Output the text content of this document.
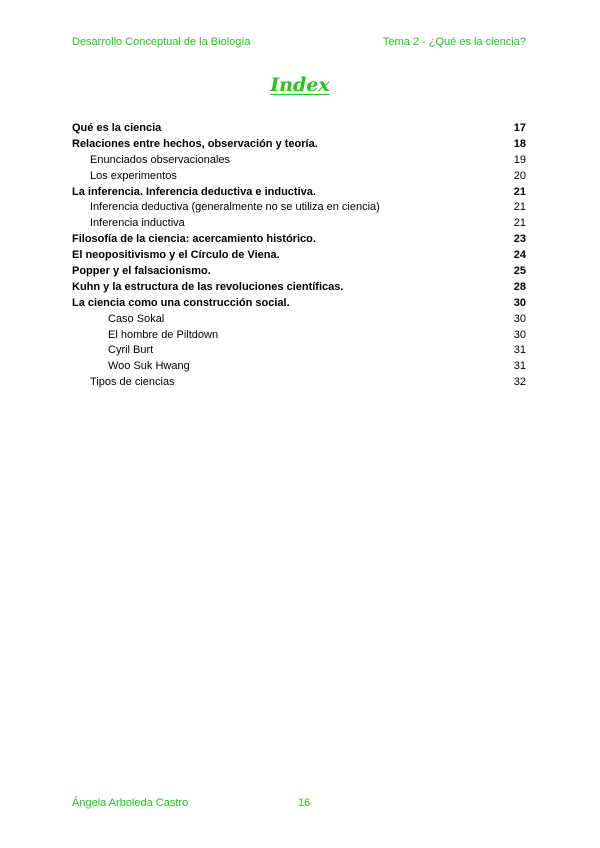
Desarrollo Conceptual de la Biología	Tema 2 - ¿Qué es la ciencia?
Index
Qué es la ciencia	17
Relaciones entre hechos, observación y teoría.	18
Enunciados observacionales	19
Los experimentos	20
La inferencia. Inferencia deductiva e inductiva.	21
Inferencia deductiva (generalmente no se utiliza en ciencia)	21
Inferencia inductiva	21
Filosofía de la ciencia: acercamiento histórico.	23
El neopositivismo y el Círculo de Viena.	24
Popper y el falsacionismo.	25
Kuhn y la estructura de las revoluciones científicas.	28
La ciencia como una construcción social.	30
Caso Sokal	30
El hombre de Piltdown	30
Cyril Burt	31
Woo Suk Hwang	31
Tipos de ciencias	32
Ángela Arboleda Castro	16
